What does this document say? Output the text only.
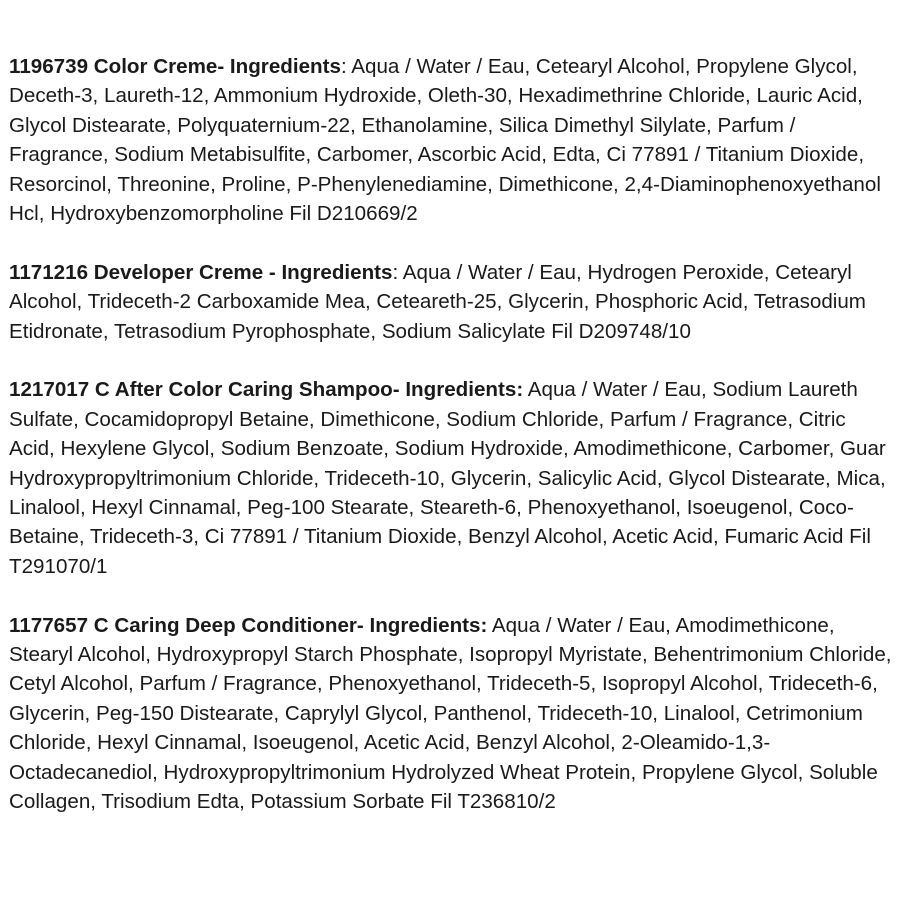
1196739 Color Creme- Ingredients: Aqua / Water / Eau, Cetearyl Alcohol, Propylene Glycol, Deceth-3, Laureth-12, Ammonium Hydroxide, Oleth-30, Hexadimethrine Chloride, Lauric Acid, Glycol Distearate, Polyquaternium-22, Ethanolamine, Silica Dimethyl Silylate, Parfum / Fragrance, Sodium Metabisulfite, Carbomer, Ascorbic Acid, Edta, Ci 77891 / Titanium Dioxide, Resorcinol, Threonine, Proline, P-Phenylenediamine, Dimethicone, 2,4-Diaminophenoxyethanol Hcl, Hydroxybenzomorpholine Fil D210669/2

1171216 Developer Creme - Ingredients: Aqua / Water / Eau, Hydrogen Peroxide, Cetearyl Alcohol, Trideceth-2 Carboxamide Mea, Ceteareth-25, Glycerin, Phosphoric Acid, Tetrasodium Etidronate, Tetrasodium Pyrophosphate, Sodium Salicylate Fil D209748/10

1217017 C After Color Caring Shampoo- Ingredients: Aqua / Water / Eau, Sodium Laureth Sulfate, Cocamidopropyl Betaine, Dimethicone, Sodium Chloride, Parfum / Fragrance, Citric Acid, Hexylene Glycol, Sodium Benzoate, Sodium Hydroxide, Amodimethicone, Carbomer, Guar Hydroxypropyltrimonium Chloride, Trideceth-10, Glycerin, Salicylic Acid, Glycol Distearate, Mica, Linalool, Hexyl Cinnamal, Peg-100 Stearate, Steareth-6, Phenoxyethanol, Isoeugenol, Coco-Betaine, Trideceth-3, Ci 77891 / Titanium Dioxide, Benzyl Alcohol, Acetic Acid, Fumaric Acid Fil T291070/1

1177657 C Caring Deep Conditioner- Ingredients: Aqua / Water / Eau, Amodimethicone, Stearyl Alcohol, Hydroxypropyl Starch Phosphate, Isopropyl Myristate, Behentrimonium Chloride, Cetyl Alcohol, Parfum / Fragrance, Phenoxyethanol, Trideceth-5, Isopropyl Alcohol, Trideceth-6, Glycerin, Peg-150 Distearate, Caprylyl Glycol, Panthenol, Trideceth-10, Linalool, Cetrimonium Chloride, Hexyl Cinnamal, Isoeugenol, Acetic Acid, Benzyl Alcohol, 2-Oleamido-1,3-Octadecanediol, Hydroxypropyltrimonium Hydrolyzed Wheat Protein, Propylene Glycol, Soluble Collagen, Trisodium Edta, Potassium Sorbate Fil T236810/2
